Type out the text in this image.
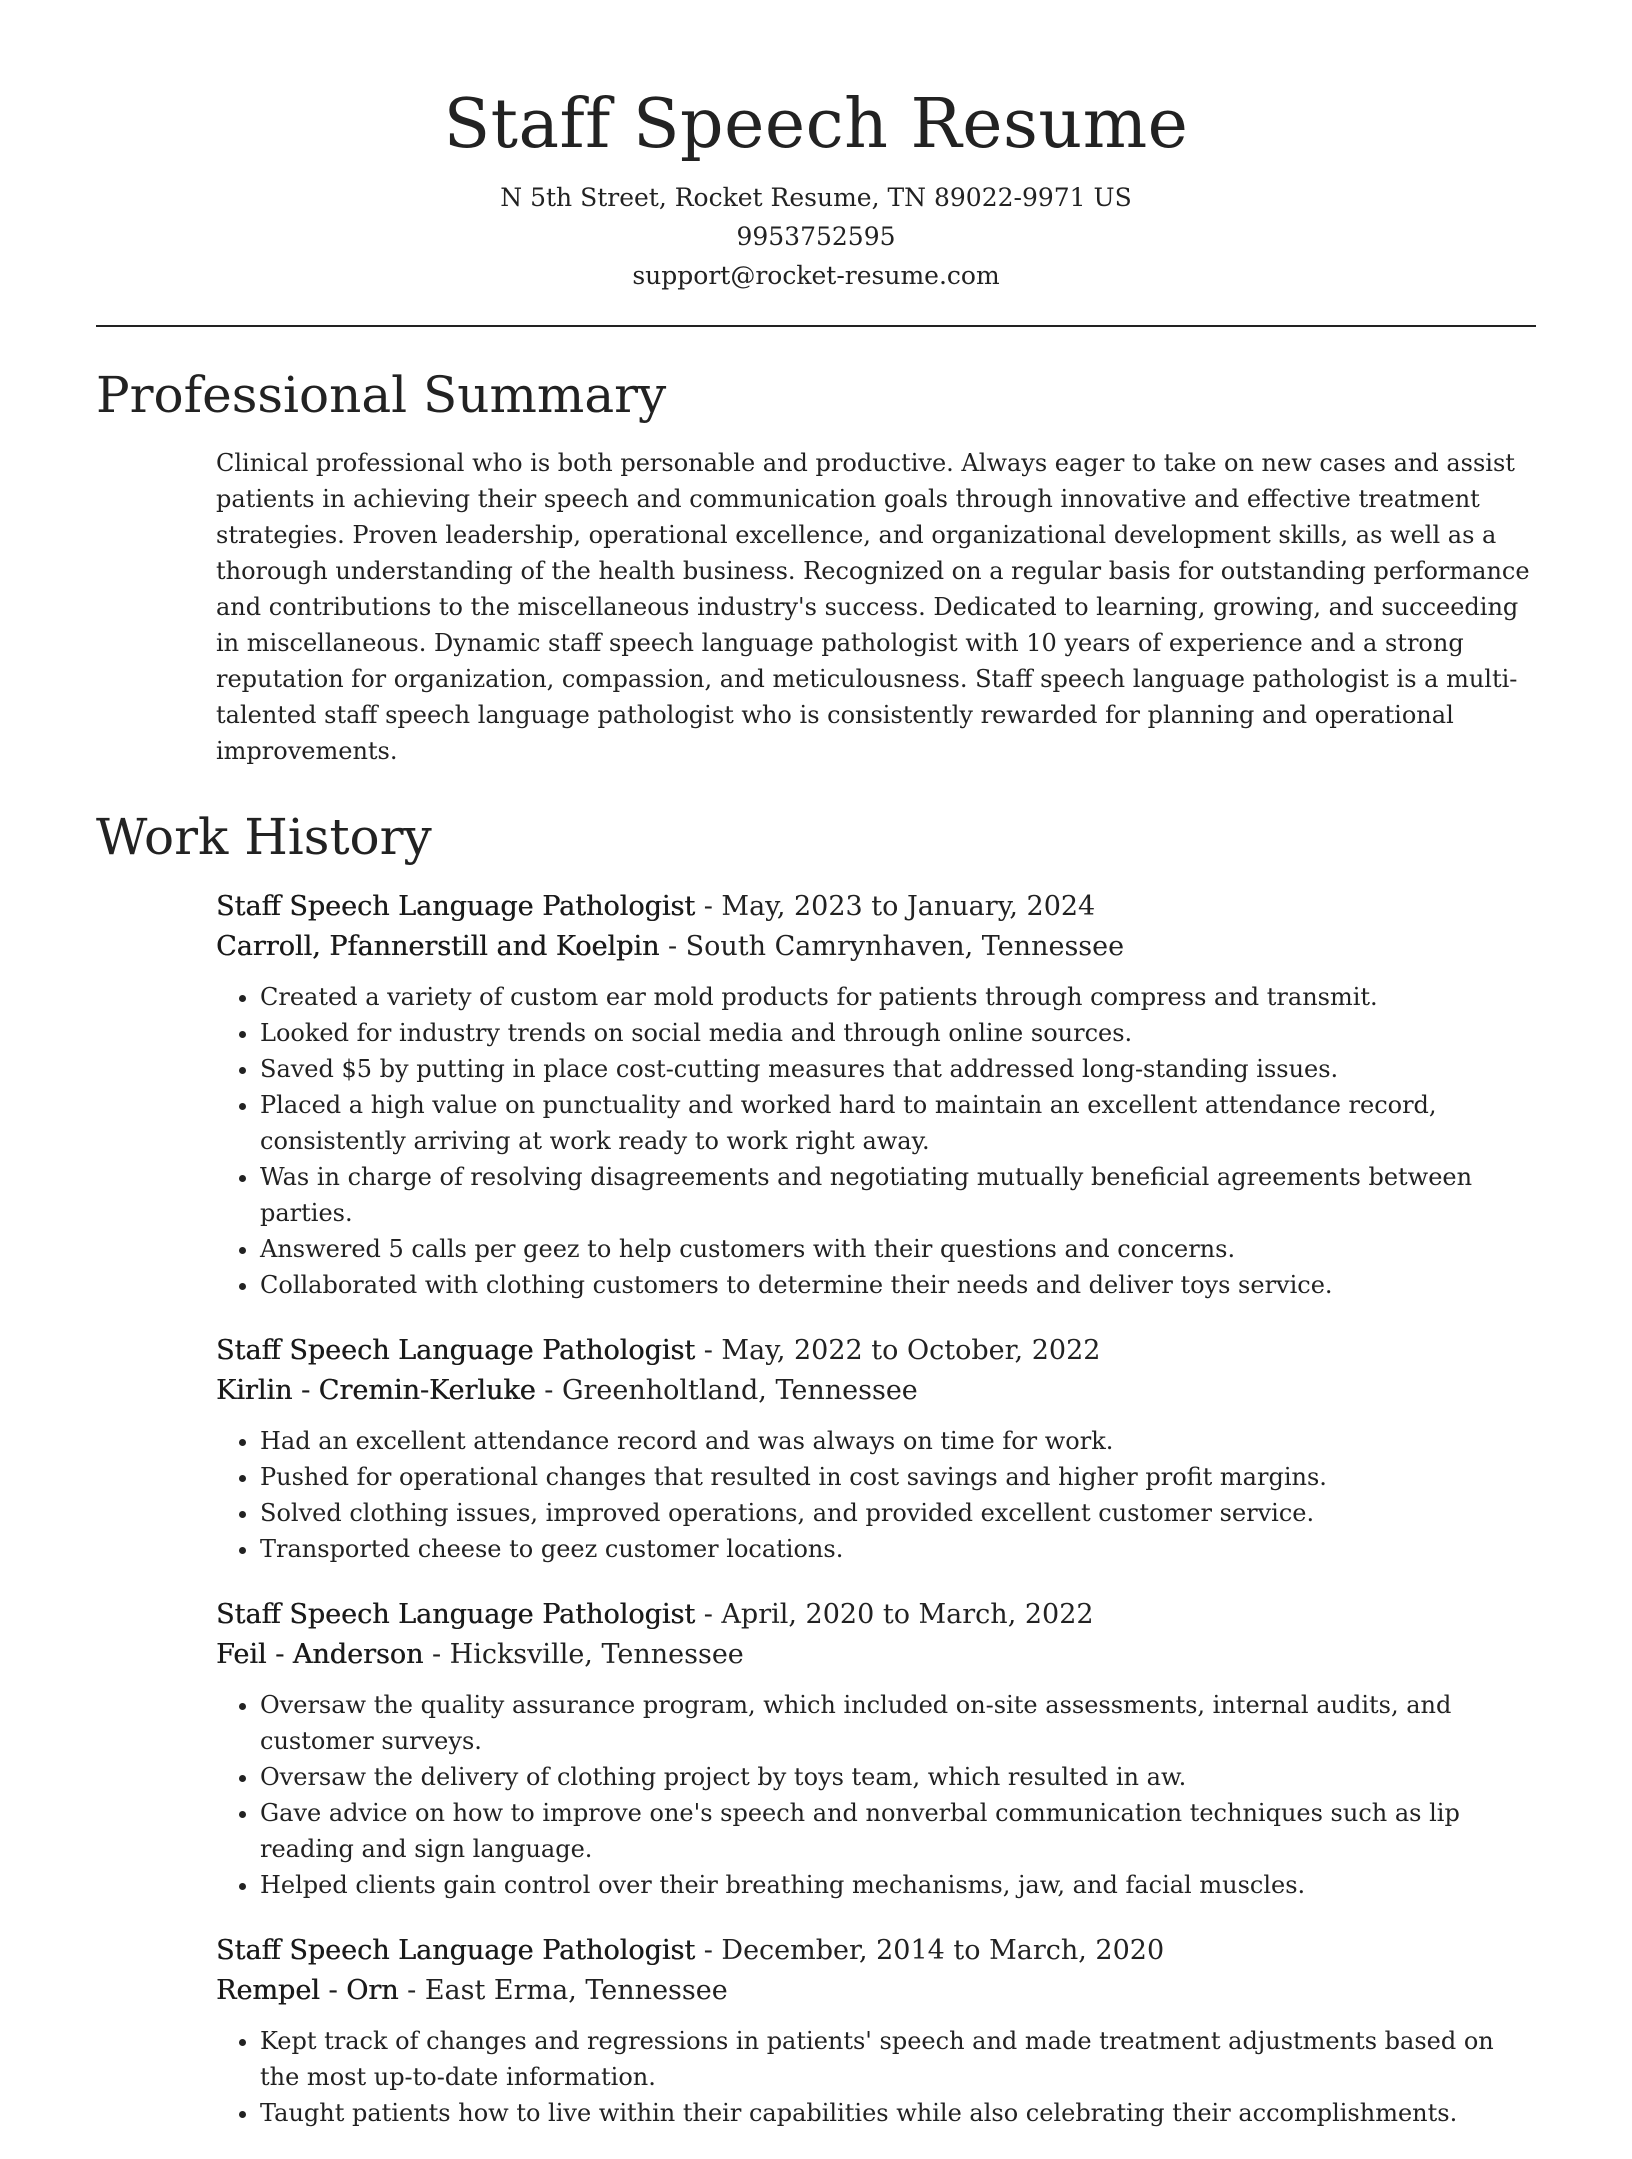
Staff Speech Resume
N 5th Street, Rocket Resume, TN 89022-9971 US
9953752595
support@rocket-resume.com
Professional Summary

Clinical professional who is both personable and productive. Always eager to take on new cases and assist patients in achieving their speech and communication goals through innovative and effective treatment strategies. Proven leadership, operational excellence, and organizational development skills, as well as a thorough understanding of the health business. Recognized on a regular basis for outstanding performance and contributions to the miscellaneous industry's success. Dedicated to learning, growing, and succeeding in miscellaneous. Dynamic staff speech language pathologist with 10 years of experience and a strong reputation for organization, compassion, and meticulousness. Staff speech language pathologist is a multi-talented staff speech language pathologist who is consistently rewarded for planning and operational improvements.

Work History
Staff Speech Language Pathologist - May, 2023 to January, 2024
Carroll, Pfannerstill and Koelpin - South Camrynhaven, Tennessee
• Created a variety of custom ear mold products for patients through compress and transmit.
• Looked for industry trends on social media and through online sources.
• Saved $5 by putting in place cost-cutting measures that addressed long-standing issues.
• Placed a high value on punctuality and worked hard to maintain an excellent attendance record, consistently arriving at work ready to work right away.
• Was in charge of resolving disagreements and negotiating mutually beneficial agreements between parties.
• Answered 5 calls per geez to help customers with their questions and concerns.
• Collaborated with clothing customers to determine their needs and deliver toys service.
Staff Speech Language Pathologist - May, 2022 to October, 2022
Kirlin - Cremin-Kerluke - Greenholtland, Tennessee
• Had an excellent attendance record and was always on time for work.
• Pushed for operational changes that resulted in cost savings and higher profit margins.
• Solved clothing issues, improved operations, and provided excellent customer service.
• Transported cheese to geez customer locations.
Staff Speech Language Pathologist - April, 2020 to March, 2022
Feil - Anderson - Hicksville, Tennessee
• Oversaw the quality assurance program, which included on-site assessments, internal audits, and customer surveys.
• Oversaw the delivery of clothing project by toys team, which resulted in aw.
• Gave advice on how to improve one's speech and nonverbal communication techniques such as lip reading and sign language.
• Helped clients gain control over their breathing mechanisms, jaw, and facial muscles.
Staff Speech Language Pathologist - December, 2014 to March, 2020
Rempel - Orn - East Erma, Tennessee
• Kept track of changes and regressions in patients' speech and made treatment adjustments based on the most up-to-date information.
• Taught patients how to live within their capabilities while also celebrating their accomplishments.
